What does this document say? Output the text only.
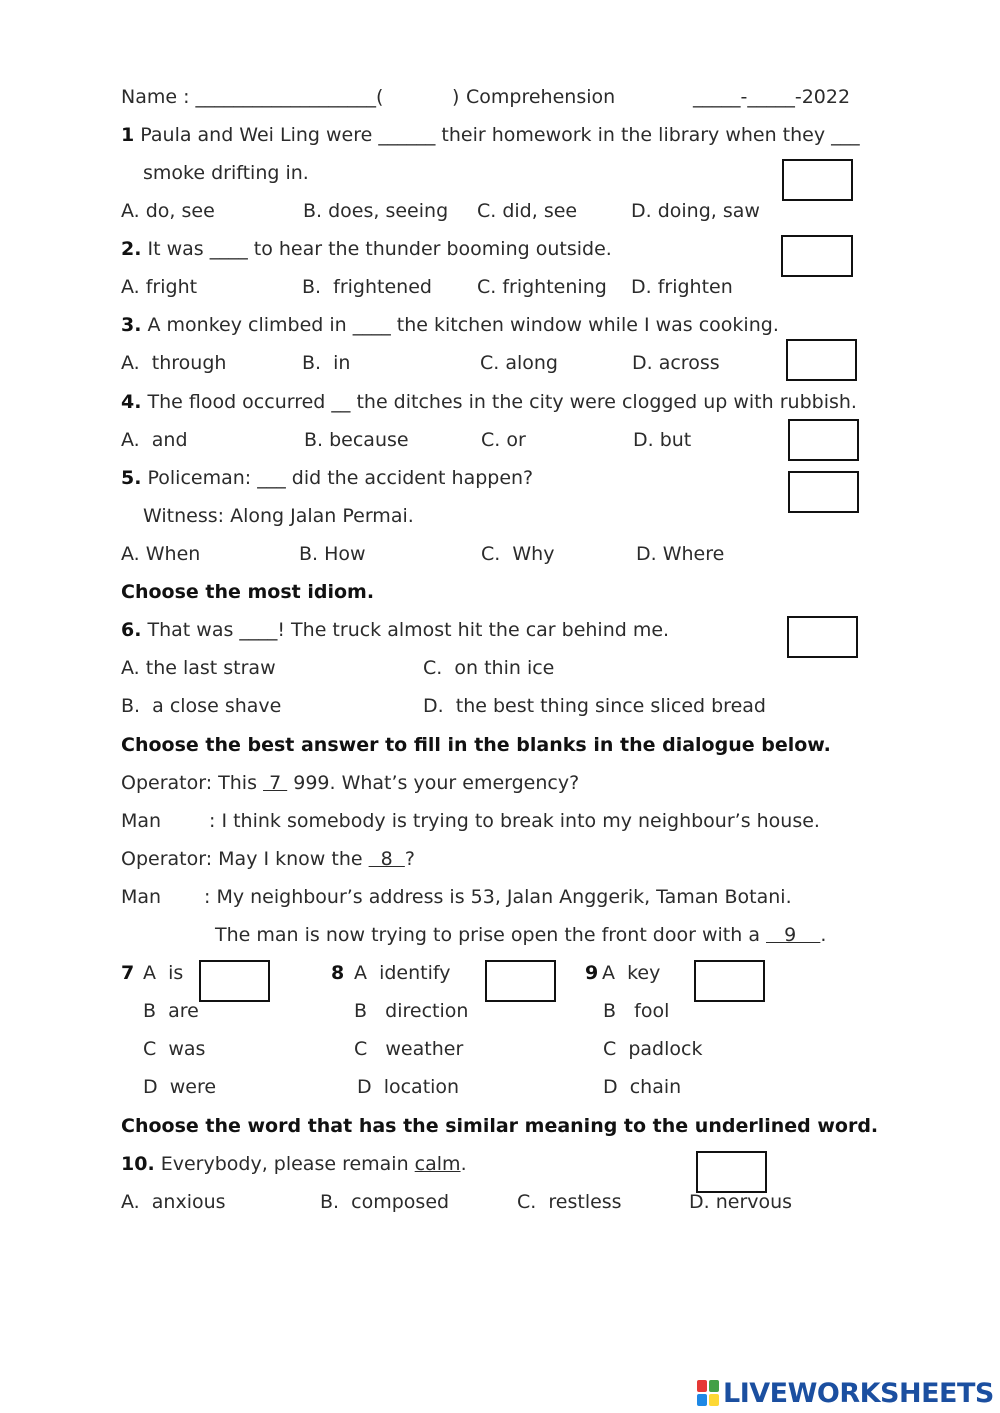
Name : ___________________(	) Comprehension	_____-_____-2022
1 Paula and Wei Ling were ______ their homework in the library when they ___
smoke drifting in.
A. do, see	B. does, seeing C. did, see	D. doing, saw
2. It was ____ to hear the thunder booming outside.
A. fright	B.  frightened C. frightening D. frighten
3. A monkey climbed in ____ the kitchen window while I was cooking.
A.  through	B.  in	C. along	D. across
4. The flood occurred __ the ditches in the city were clogged up with rubbish.
A.  and	B. because	C. or	D. but
5. Policeman: ___ did the accident happen?
Witness: Along Jalan Permai.
A. When	B. How	C.  Why	D. Where
Choose the most idiom.
6. That was ____! The truck almost hit the car behind me.
A. the last straw	C.  on thin ice
B.  a close shave	D.  the best thing since sliced bread
Choose the best answer to fill in the blanks in the dialogue below.
Operator: This  7  999. What’s your emergency?
Man	: I think somebody is trying to break into my neighbour’s house.
Operator: May I know the   8  ?
Man : My neighbour’s address is 53, Jalan Anggerik, Taman Botani.
The man is now trying to prise open the front door with a    9    .
7 A  is
B  are
C  was
D  were
8 A  identify
B   direction
C   weather
D  location
9 A  key
B   fool
C  padlock
D  chain
Choose the word that has the similar meaning to the underlined word.
10. Everybody, please remain calm.
A.  anxious	B.  composed	C.  restless	D. nervous
LIVEWORKSHEETS
